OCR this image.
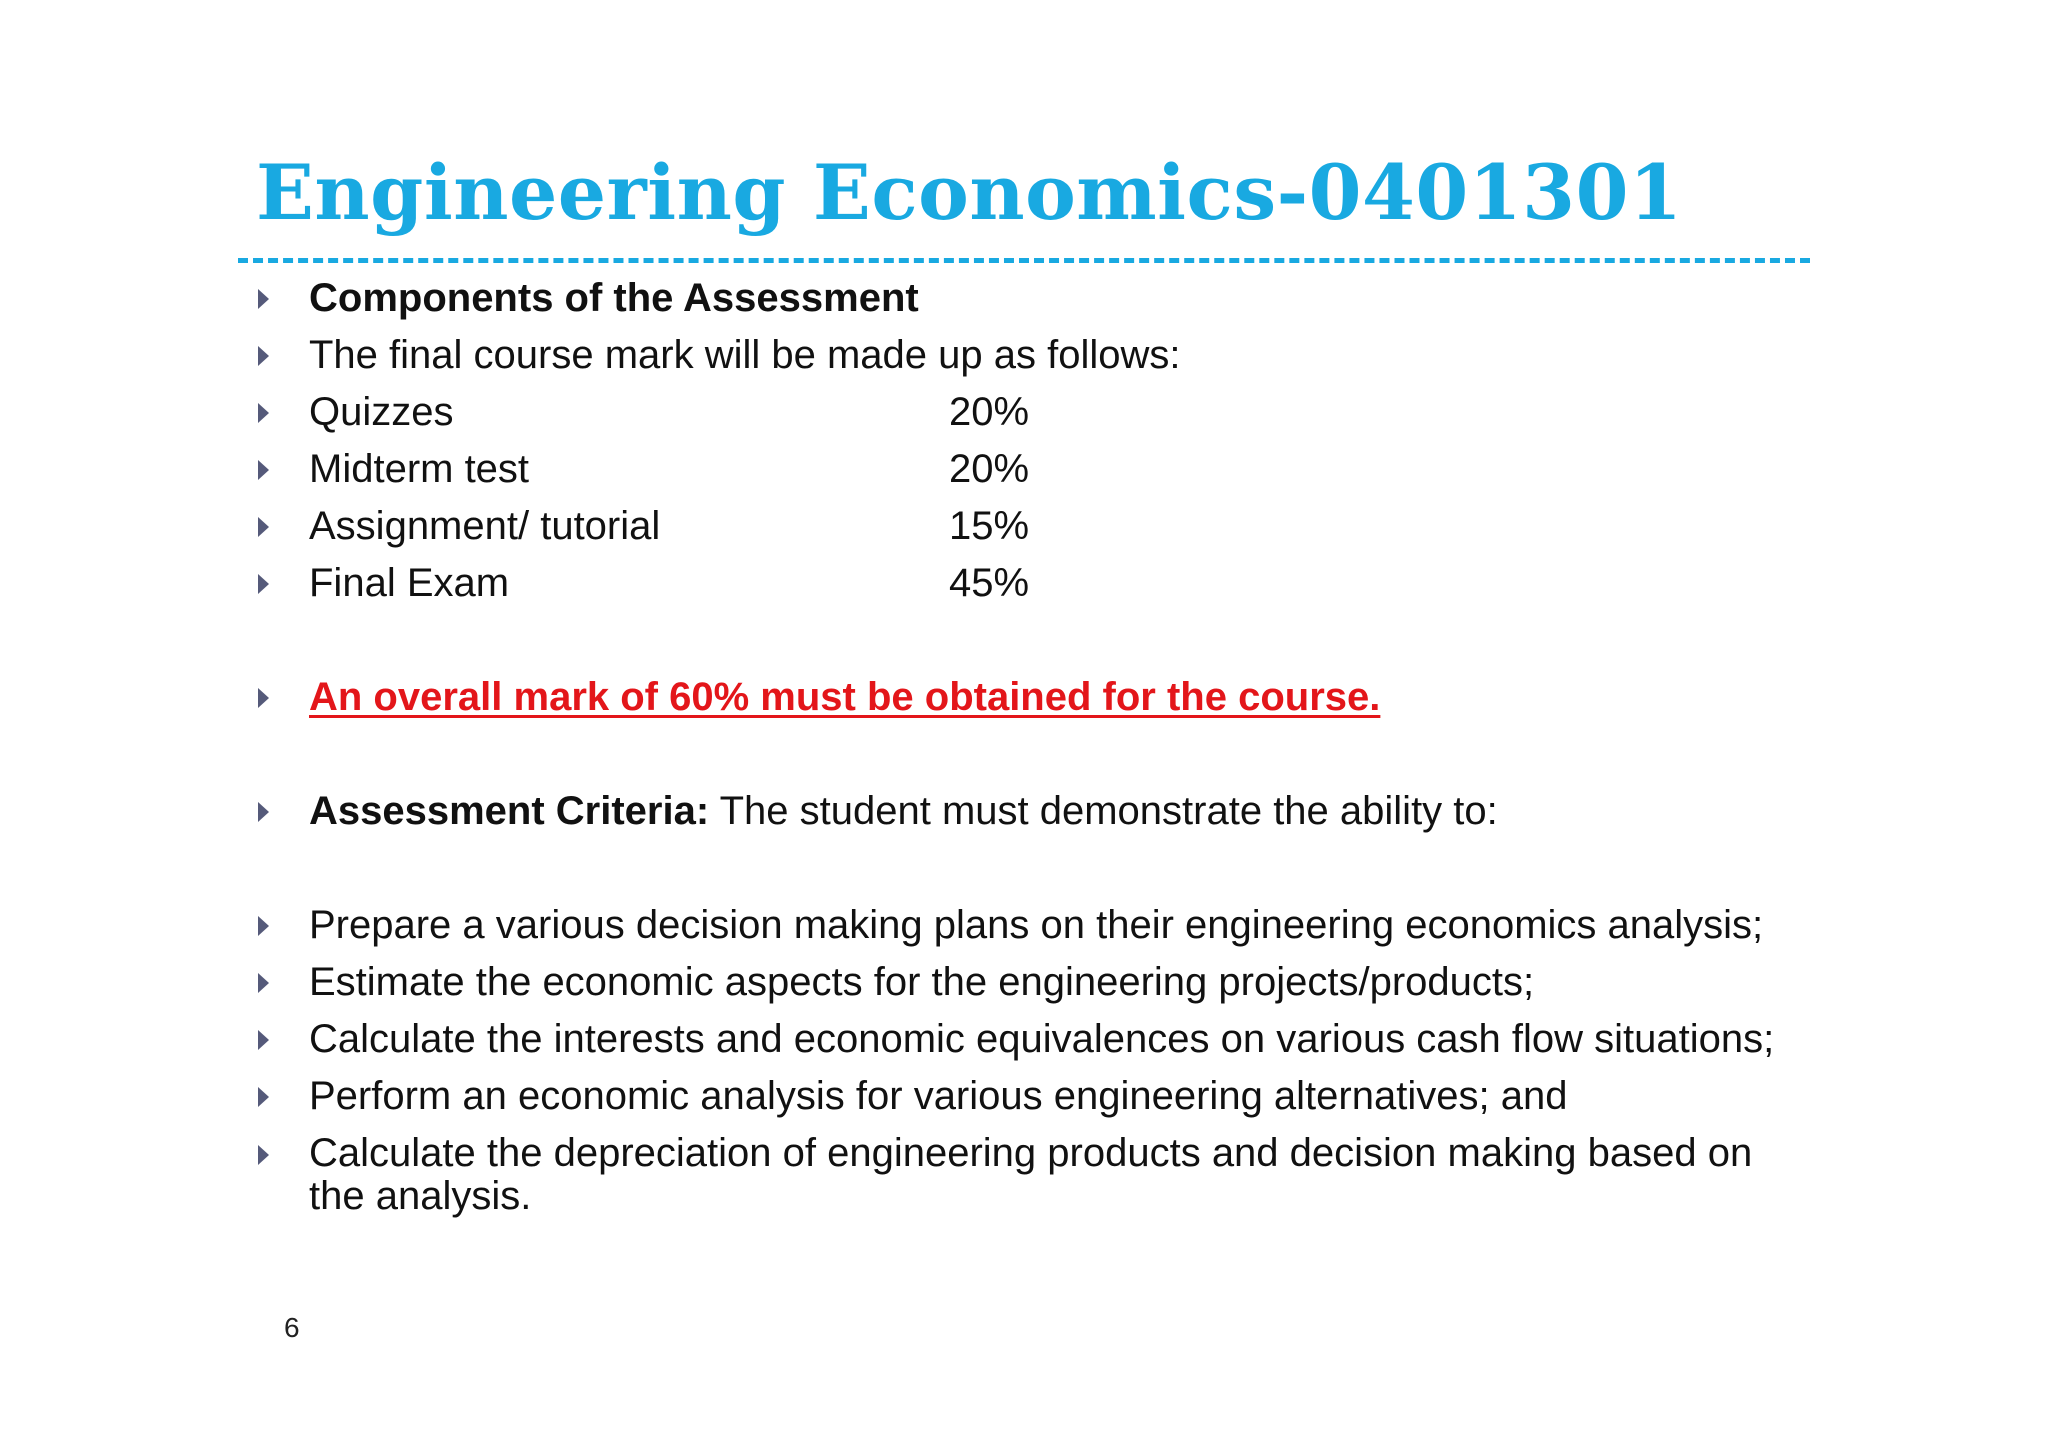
Engineering Economics-0401301
Components of the Assessment
The final course mark will be made up as follows:
Quizzes	20%
Midterm test	20%
Assignment/ tutorial	15%
Final Exam	45%
An overall mark of 60% must be obtained for the course.
Assessment Criteria: The student must demonstrate the ability to:
Prepare a various decision making plans on their engineering economics analysis;
Estimate the economic aspects for the engineering projects/products;
Calculate the interests and economic equivalences on various cash flow situations;
Perform an economic analysis for various engineering alternatives; and
Calculate the depreciation of engineering products and decision making based on the analysis.
6
